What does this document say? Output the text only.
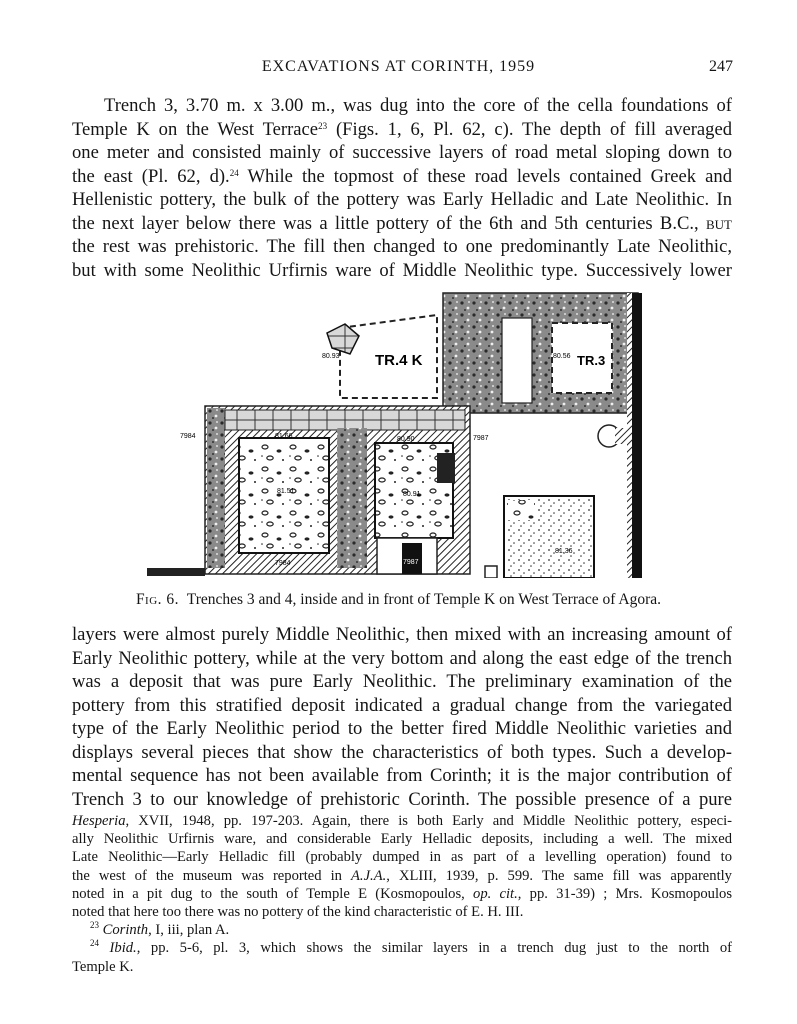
EXCAVATIONS AT CORINTH, 1959	247
Trench 3, 3.70 m. x 3.00 m., was dug into the core of the cella foundations of
Temple K on the West Terrace$^{23}$ (Figs. 1, 6, Pl. 62, c). The depth of fill averaged
one meter and consisted mainly of successive layers of road metal sloping down to
the east (Pl. 62, d).$^{24}$ While the topmost of these road levels contained Greek and
Hellenistic pottery, the bulk of the pottery was Early Helladic and Late Neolithic. In
the next layer below there was a little pottery of the 6th and 5th centuries B.C., but
the rest was prehistoric. The fill then changed to one predominantly Late Neolithic,
but with some Neolithic Urfirnis ware of Middle Neolithic type. Successively lower
TR.3
80.56
TR.4 K
80.93
7984	81.66	80.90
81.51	80.91
7984
7987
7987
81.36
Fig. 6. Trenches 3 and 4, inside and in front of Temple K on West Terrace of Agora.
layers were almost purely Middle Neolithic, then mixed with an increasing amount of
Early Neolithic pottery, while at the very bottom and along the east edge of the trench
was a deposit that was pure Early Neolithic. The preliminary examination of the
pottery from this stratified deposit indicated a gradual change from the variegated
type of the Early Neolithic period to the better fired Middle Neolithic varieties and
displays several pieces that show the characteristics of both types. Such a develop-
mental sequence has not been available from Corinth; it is the major contribution of
Trench 3 to our knowledge of prehistoric Corinth. The possible presence of a pure
Hesperia, XVII, 1948, pp. 197-203. Again, there is both Early and Middle Neolithic pottery, especi-
ally Neolithic Urfirnis ware, and considerable Early Helladic deposits, including a well. The mixed
Late Neolithic—Early Helladic fill (probably dumped in as part of a levelling operation) found to
the west of the museum was reported in A.J.A., XLIII, 1939, p. 599. The same fill was apparently
noted in a pit dug to the south of Temple E (Kosmopoulos, op. cit., pp. 31-39) ; Mrs. Kosmopoulos
noted that here too there was no pottery of the kind characteristic of E. H. III.
$^{23}$ Corinth, I, iii, plan A.
$^{24}$ Ibid., pp. 5-6, pl. 3, which shows the similar layers in a trench dug just to the north of
Temple K.
